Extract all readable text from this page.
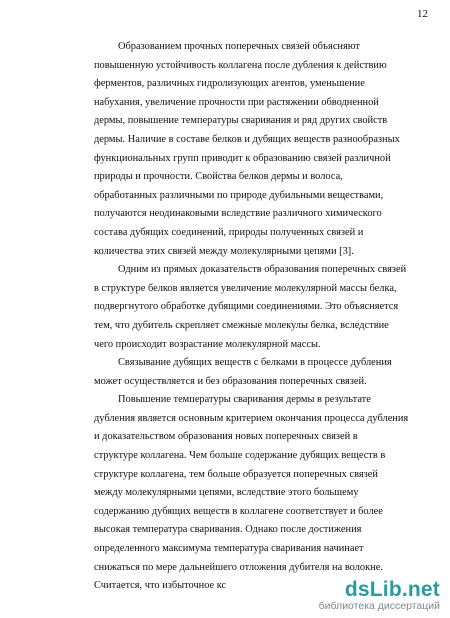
12

Образованием прочных поперечных связей объясняют
повышенную устойчивость коллагена после дубления к действию
ферментов, различных гидролизующих агентов, уменьшение
набухания, увеличение прочности при растяжении обводненной
дермы, повышение температуры сваривания и ряд других свойств
дермы. Наличие в составе белков и дубящих веществ разнообразных
функциональных групп приводит к образованию связей различной
природы и прочности. Свойства белков дермы и волоса,
обработанных различными по природе дубильными веществами,
получаются неодинаковыми вследствие различного химического
состава дубящих соединений, природы полученных связей и
количества этих связей между молекулярными цепями [3].

Одним из прямых доказательств образования поперечных связей
в структуре белков является увеличение молекулярной массы белка,
подвергнутого обработке дубящими соединениями. Это объясняется
тем, что дубитель скрепляет смежные молекулы белка, вследствие
чего происходит возрастание молекулярной массы.

Связывание дубящих веществ с белками в процессе дубления
может осуществляется и без образования поперечных связей.

Повышение температуры сваривания дермы в результате
дубления является основным критерием окончания процесса дубления
и доказательством образования новых поперечных связей в
структуре коллагена. Чем больше содержание дубящих веществ в
структуре коллагена, тем больше образуется поперечных связей
между молекулярными цепями, вследствие этого большему
содержанию дубящих веществ в коллагене соответствует и более
высокая температура сваривания. Однако после достижения
определенного максимума температура сваривания начинает
снижаться по мере дальнейшего отложения дубителя на волокне.
Считается, что избыточное кс	dsLib.net
библиотека диссертаций
